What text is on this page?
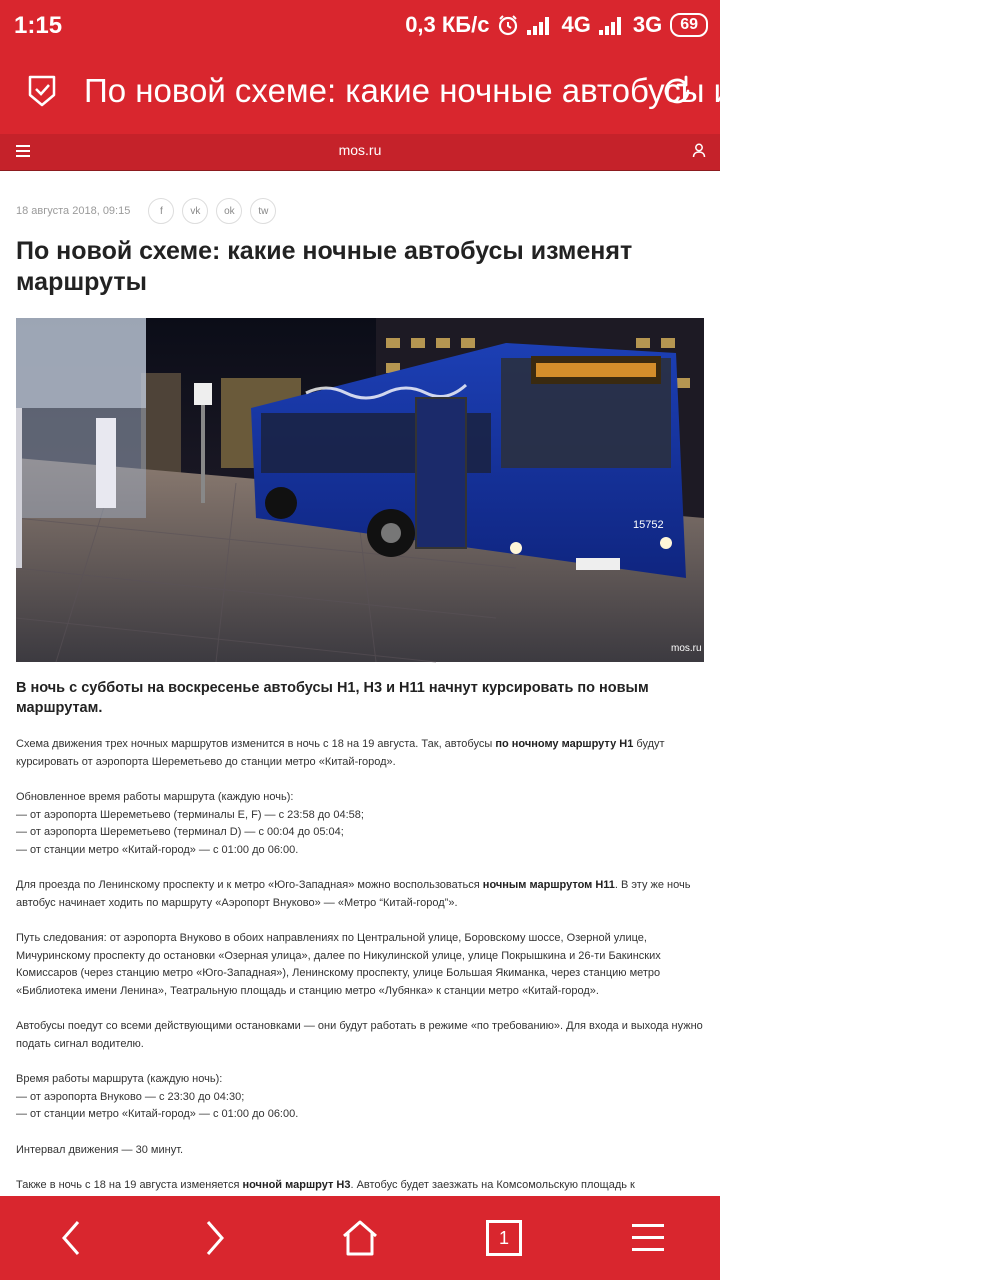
1:15	0,3 КБ/с	4G 3G	69
По новой схеме: какие ночные автобусы изменят маршруты
mos.ru
18 августа 2018, 09:15	f	vk	ok	tw
По новой схеме: какие ночные автобусы изменят маршруты
15752
mos.ru
В ночь с субботы на воскресенье автобусы Н1, Н3 и Н11 начнут курсировать по новым маршрутам.
Схема движения трех ночных маршрутов изменится в ночь с 18 на 19 августа. Так, автобусы по ночному маршруту Н1 будут курсировать от аэропорта Шереметьево до станции метро «Китай-город».
Обновленное время работы маршрута (каждую ночь):
— от аэропорта Шереметьево (терминалы E, F) — с 23:58 до 04:58;
— от аэропорта Шереметьево (терминал D) — с 00:04 до 05:04;
— от станции метро «Китай-город» — с 01:00 до 06:00.
Для проезда по Ленинскому проспекту и к метро «Юго-Западная» можно воспользоваться ночным маршрутом Н11. В эту же ночь автобус начинает ходить по маршруту «Аэропорт Внуково» — «Метро “Китай-город”».
Путь следования: от аэропорта Внуково в обоих направлениях по Центральной улице, Боровскому шоссе, Озерной улице, Мичуринскому проспекту до остановки «Озерная улица», далее по Никулинской улице, улице Покрышкина и 26-ти Бакинских Комиссаров (через станцию метро «Юго-Западная»), Ленинскому проспекту, улице Большая Якиманка, через станцию метро «Библиотека имени Ленина», Театральную площадь и станцию метро «Лубянка» к станции метро «Китай-город».
Автобусы поедут со всеми действующими остановками — они будут работать в режиме «по требованию». Для входа и выхода нужно подать сигнал водителю.
Время работы маршрута (каждую ночь):
— от аэропорта Внуково — с 23:30 до 04:30;
— от станции метро «Китай-город» — с 01:00 до 06:00.
Интервал движения — 30 минут.
Также в ночь с 18 на 19 августа изменяется ночной маршрут Н3. Автобус будет заезжать на Комсомольскую площадь к
1
